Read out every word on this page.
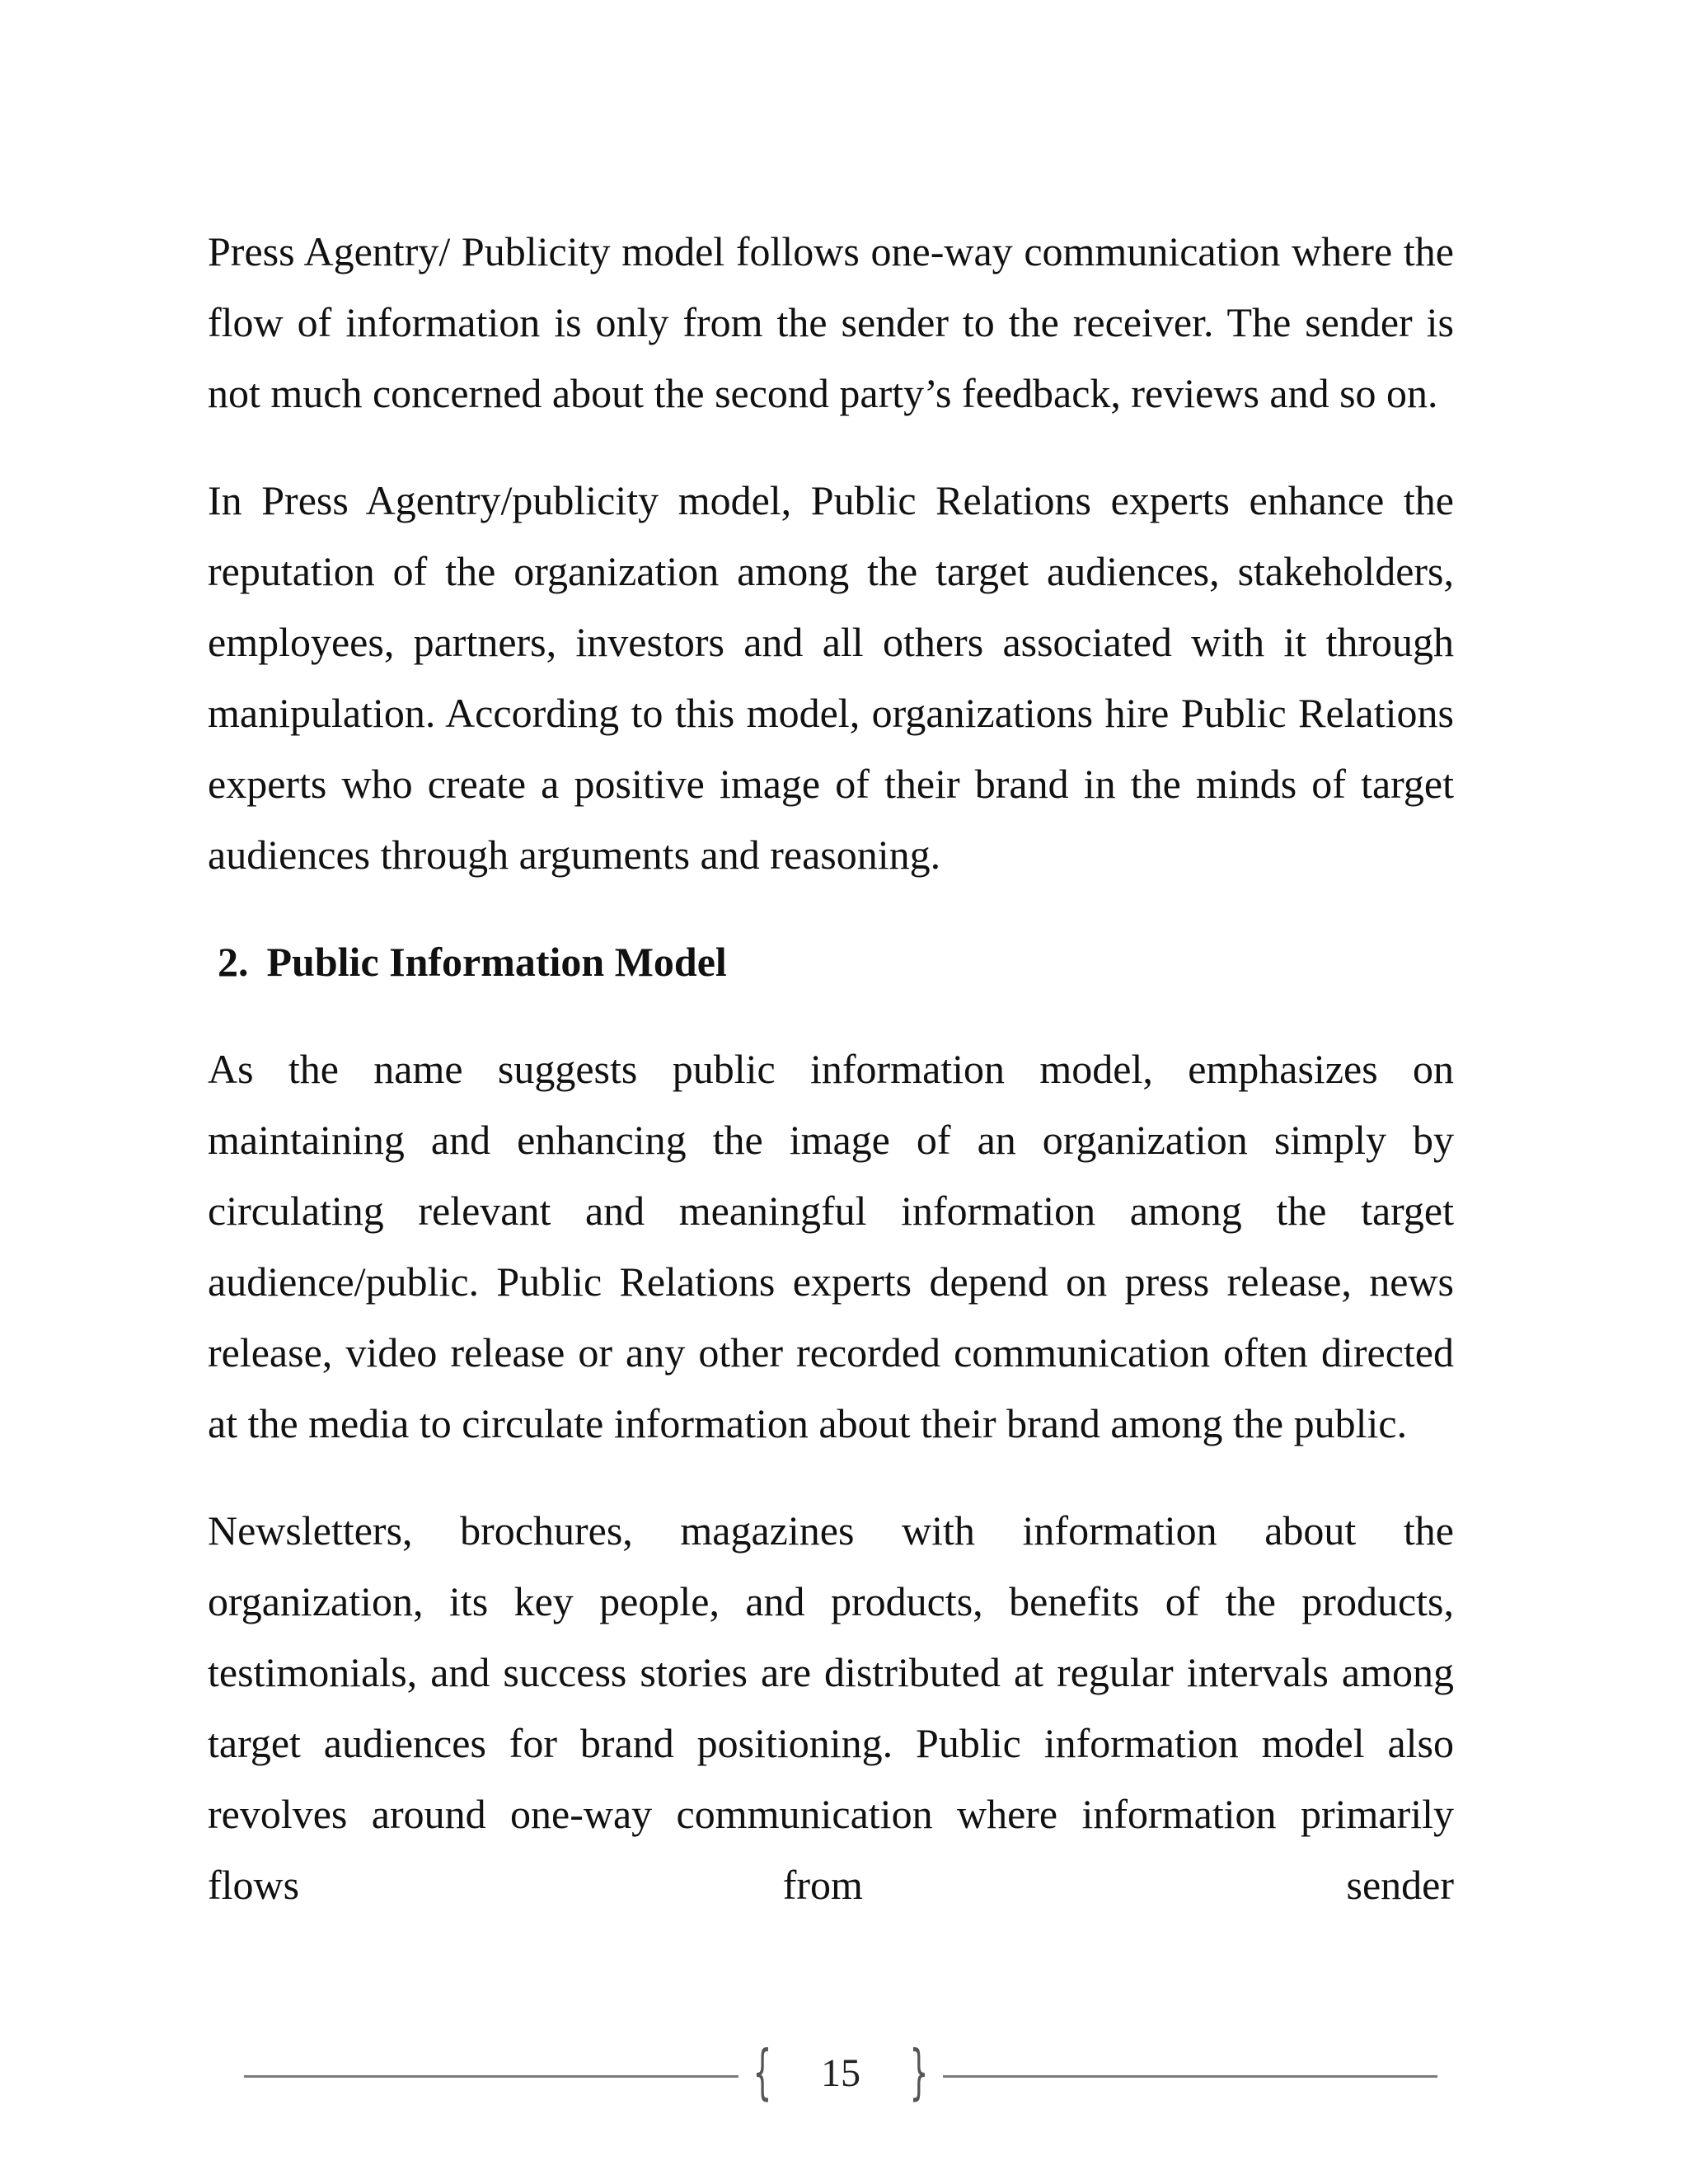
Press Agentry/ Publicity model follows one-way communication where the flow of information is only from the sender to the receiver. The sender is not much concerned about the second party’s feedback, reviews and so on.

In Press Agentry/publicity model, Public Relations experts enhance the reputation of the organization among the target audiences, stakeholders, employees, partners, investors and all others associated with it through manipulation. According to this model, organizations hire Public Relations experts who create a positive image of their brand in the minds of target audiences through arguments and reasoning.

2. Public Information Model

As the name suggests public information model, emphasizes on maintaining and enhancing the image of an organization simply by circulating relevant and meaningful information among the target audience/public. Public Relations experts depend on press release, news release, video release or any other recorded communication often directed at the media to circulate information about their brand among the public.

Newsletters, brochures, magazines with information about the organization, its key people, and products, benefits of the products, testimonials, and success stories are distributed at regular intervals among target audiences for brand positioning. Public information model also revolves around one-way communication where information primarily flows from sender

{	15 }
